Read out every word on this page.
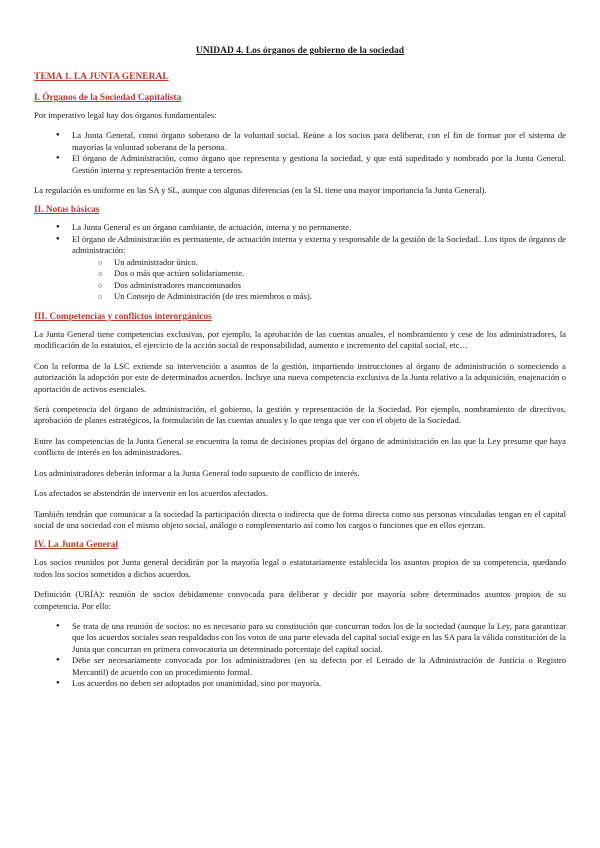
UNIDAD 4. Los órganos de gobierno de la sociedad
TEMA 1. LA JUNTA GENERAL
I. Órganos de la Sociedad Capitalista

Por imperativo legal hay dos órganos fundamentales:

● La Junta General, como órgano soberano de la voluntad social. Reúne a los socios para deliberar, con el fin de formar por el sistema de mayorías la voluntad soberana de la persona.
● El órgano de Administración, como órgano que representa y gestiona la sociedad, y que está supeditado y nombrado por la Junta General. Gestión interna y representación frente a terceros.

La regulación es uniforme en las SA y SL, aunque con algunas diferencias (en la SL tiene una mayor importancia la Junta General).

II. Notas básicas
● La Junta General es un órgano cambiante, de actuación, interna y no permanente.
● El órgano de Administración es permanente, de actuación interna y externa y responsable de la gestión de la Sociedad.. Los tipos de órganos de administración:
○ Un administrador único.
○ Dos o más que actúen solidariamente.
○ Dos administradores mancomunados
○ Un Consejo de Administración (de tres miembros o más).
III. Competencias y conflictos interorgánicos

La Junta General tiene competencias exclusivas, por ejemplo, la aprobación de las cuentas anuales, el nombramiento y cese de los administradores, la modificación de lo estatutos, el ejercicio de la acción social de responsabilidad, aumento e incremento del capital social, etc…

Con la reforma de la LSC extiende su intervención a asuntos de la gestión, impartiendo instrucciones al órgano de administración o someciendo a autorización la adopción por este de determinados acuerdos. Incluye una nueva competencia exclusiva de la Junta relativo a la adquisición, enajenación o aportación de activos esenciales.

Será competencia del órgano de administración, el gobierno, la gestión y representación de la Sociedad. Por ejemplo, nombramiento de directivos, aprobación de planes estratégicos, la formulación de las cuentas anuales y lo que tenga que ver con el objeto de la Sociedad.

Entre las competencias de la Junta General se encuentra la toma de decisiones propias del órgano de administración en las que la Ley presume que haya conflicto de interés en los administradores.

Los administradores deberán informar a la Junta General todo supuesto de conflicto de interés.

Los afectados se abstendrán de intervenir en los acuerdos afectados.

También tendrán que comunicar a la sociedad la participación directa o indirecta que de forma directa como sus personas vinculadas tengan en el capital social de una sociedad con el mismo objeto social, análogo o complementario así como los cargos o funciones que en ellos ejerzan.

IV. La Junta General

Los socios reunidos por Junta general decidirán por la mayoría legal o estatutariamente establecida los asuntos propios de su competencia, quedando todos los socios sometidos a dichos acuerdos.

Definición (URÍA): reunión de socios debidamente convocada para deliberar y decidir por mayoría sobre determinados asuntos propios de su competencia. Por ello:

● Se trata de una reunión de socios: no es necesario para su constitución que concurran todos los de la sociedad (aunque la Ley, para garantizar que los acuerdos sociales sean respaldados con los votos de una parte elevada del capital social exige en las SA para la válida constitución de la Junta que concurran en primera convocatoria un determinado porcentaje del capital social.
● Debe ser necesariamente convocada por los administradores (en su defecto por el Letrado de la Administración de Justicia o Registro Mercantil) de acuerdo con un procedimiento formal.
● Los acuerdos no deben ser adoptados por unanimidad, sino por mayoría.
